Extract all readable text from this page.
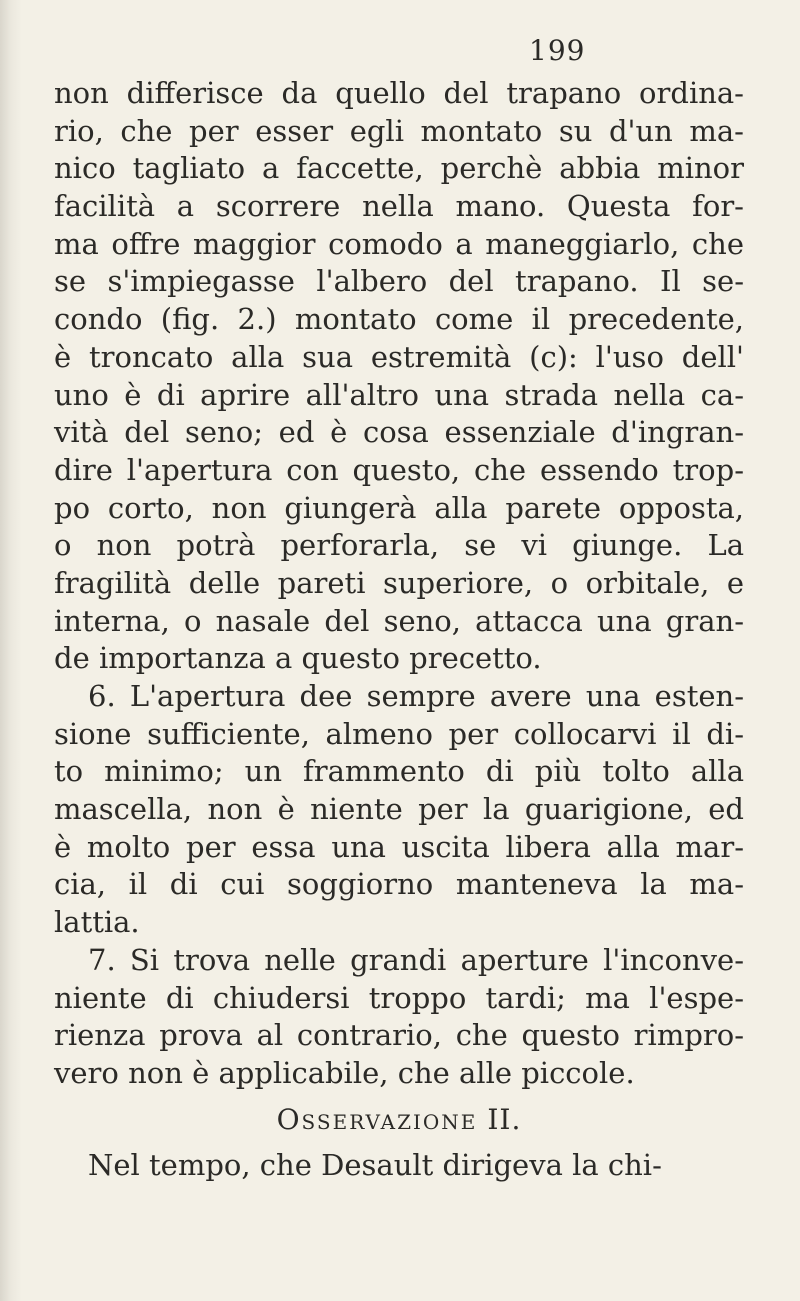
199
non differisce da quello del trapano ordina-
rio, che per esser egli montato su d'un ma-
nico tagliato a faccette, perchè abbia minor
facilità a scorrere nella mano. Questa for-
ma offre maggior comodo a maneggiarlo, che
se s'impiegasse l'albero del trapano. Il se-
condo (fig. 2.) montato come il precedente,
è troncato alla sua estremità (c): l'uso dell'
uno è di aprire all'altro una strada nella ca-
vità del seno; ed è cosa essenziale d'ingran-
dire l'apertura con questo, che essendo trop-
po corto, non giungerà alla parete opposta,
o non potrà perforarla, se vi giunge. La
fragilità delle pareti superiore, o orbitale, e
interna, o nasale del seno, attacca una gran-
de importanza a questo precetto.
6. L'apertura dee sempre avere una esten-
sione sufficiente, almeno per collocarvi il di-
to minimo; un frammento di più tolto alla
mascella, non è niente per la guarigione, ed
è molto per essa una uscita libera alla mar-
cia, il di cui soggiorno manteneva la ma-
lattia.
7. Si trova nelle grandi aperture l'inconve-
niente di chiudersi troppo tardi; ma l'espe-
rienza prova al contrario, che questo rimpro-
vero non è applicabile, che alle piccole.
Osservazione II.
Nel tempo, che Desault dirigeva la chi-
